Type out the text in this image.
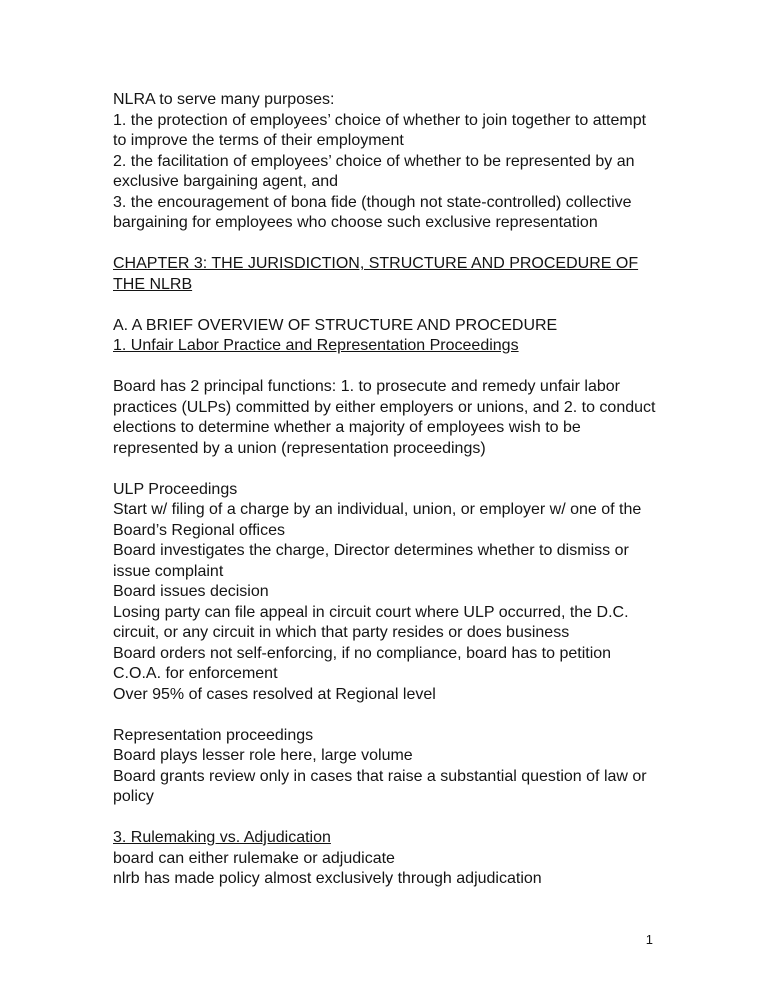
NLRA to serve many purposes:

1. the protection of employees’ choice of whether to join together to attempt to improve the terms of their employment

2. the facilitation of employees’ choice of whether to be represented by an exclusive bargaining agent, and

3. the encouragement of bona fide (though not state-controlled) collective bargaining for employees who choose such exclusive representation

CHAPTER 3: THE JURISDICTION, STRUCTURE AND PROCEDURE OF THE NLRB

A. A BRIEF OVERVIEW OF STRUCTURE AND PROCEDURE

1. Unfair Labor Practice and Representation Proceedings

Board has 2 principal functions: 1. to prosecute and remedy unfair labor practices (ULPs) committed by either employers or unions, and 2. to conduct elections to determine whether a majority of employees wish to be represented by a union (representation proceedings)

ULP Proceedings

Start w/ filing of a charge by an individual, union, or employer w/ one of the Board’s Regional offices

Board investigates the charge, Director determines whether to dismiss or issue complaint

Board issues decision

Losing party can file appeal in circuit court where ULP occurred, the D.C. circuit, or any circuit in which that party resides or does business

Board orders not self-enforcing, if no compliance, board has to petition C.O.A. for enforcement

Over 95% of cases resolved at Regional level

Representation proceedings

Board plays lesser role here, large volume

Board grants review only in cases that raise a substantial question of law or policy

3. Rulemaking vs. Adjudication

board can either rulemake or adjudicate

nlrb has made policy almost exclusively through adjudication

1
